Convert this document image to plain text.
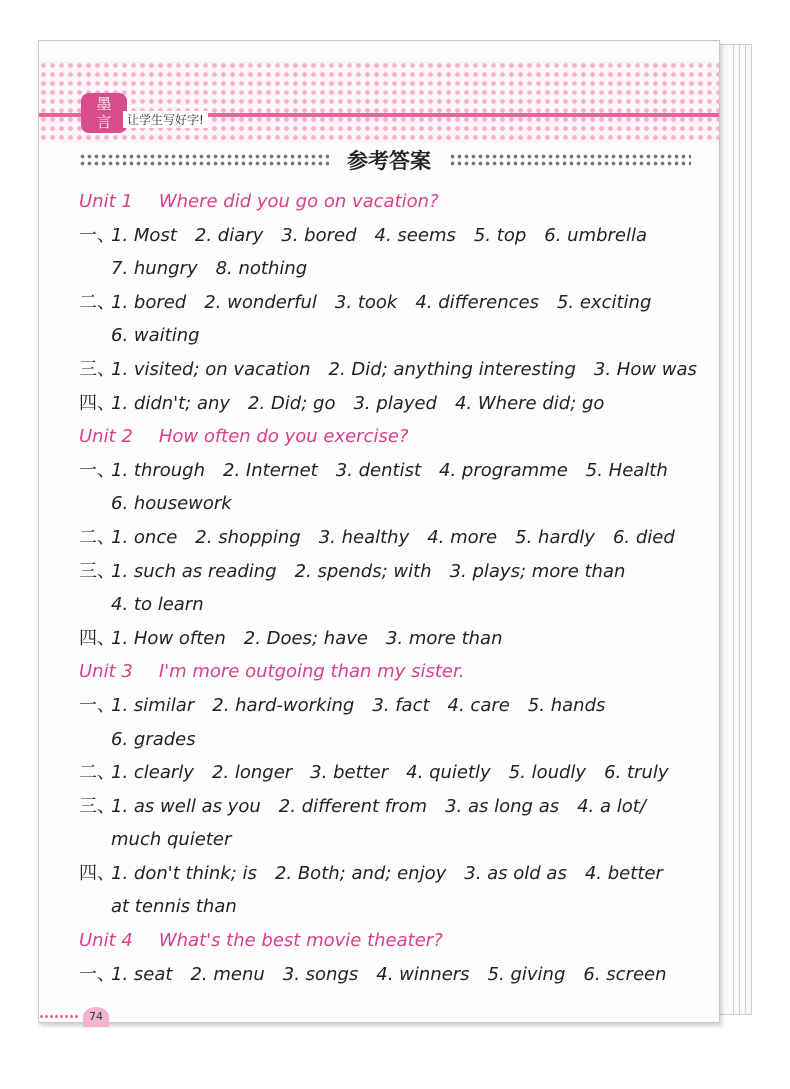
墨
言	让学生写好字!
参考答案
Unit 1 Where did you go on vacation?
一、1. Most 2. diary 3. bored 4. seems 5. top 6. umbrella
7. hungry 8. nothing
二、1. bored 2. wonderful 3. took 4. differences 5. exciting
6. waiting
三、1. visited; on vacation 2. Did; anything interesting 3. How was
四、1. didn't; any 2. Did; go 3. played 4. Where did; go
Unit 2 How often do you exercise?
一、1. through 2. Internet 3. dentist 4. programme 5. Health
6. housework
二、1. once 2. shopping 3. healthy 4. more 5. hardly 6. died
三、1. such as reading 2. spends; with 3. plays; more than
4. to learn
四、1. How often 2. Does; have 3. more than
Unit 3 I'm more outgoing than my sister.
一、1. similar 2. hard-working 3. fact 4. care 5. hands
6. grades
二、1. clearly 2. longer 3. better 4. quietly 5. loudly 6. truly
三、1. as well as you 2. different from 3. as long as 4. a lot/
much quieter
四、1. don't think; is 2. Both; and; enjoy 3. as old as 4. better
at tennis than
Unit 4 What's the best movie theater?
一、1. seat 2. menu 3. songs 4. winners 5. giving 6. screen
74
